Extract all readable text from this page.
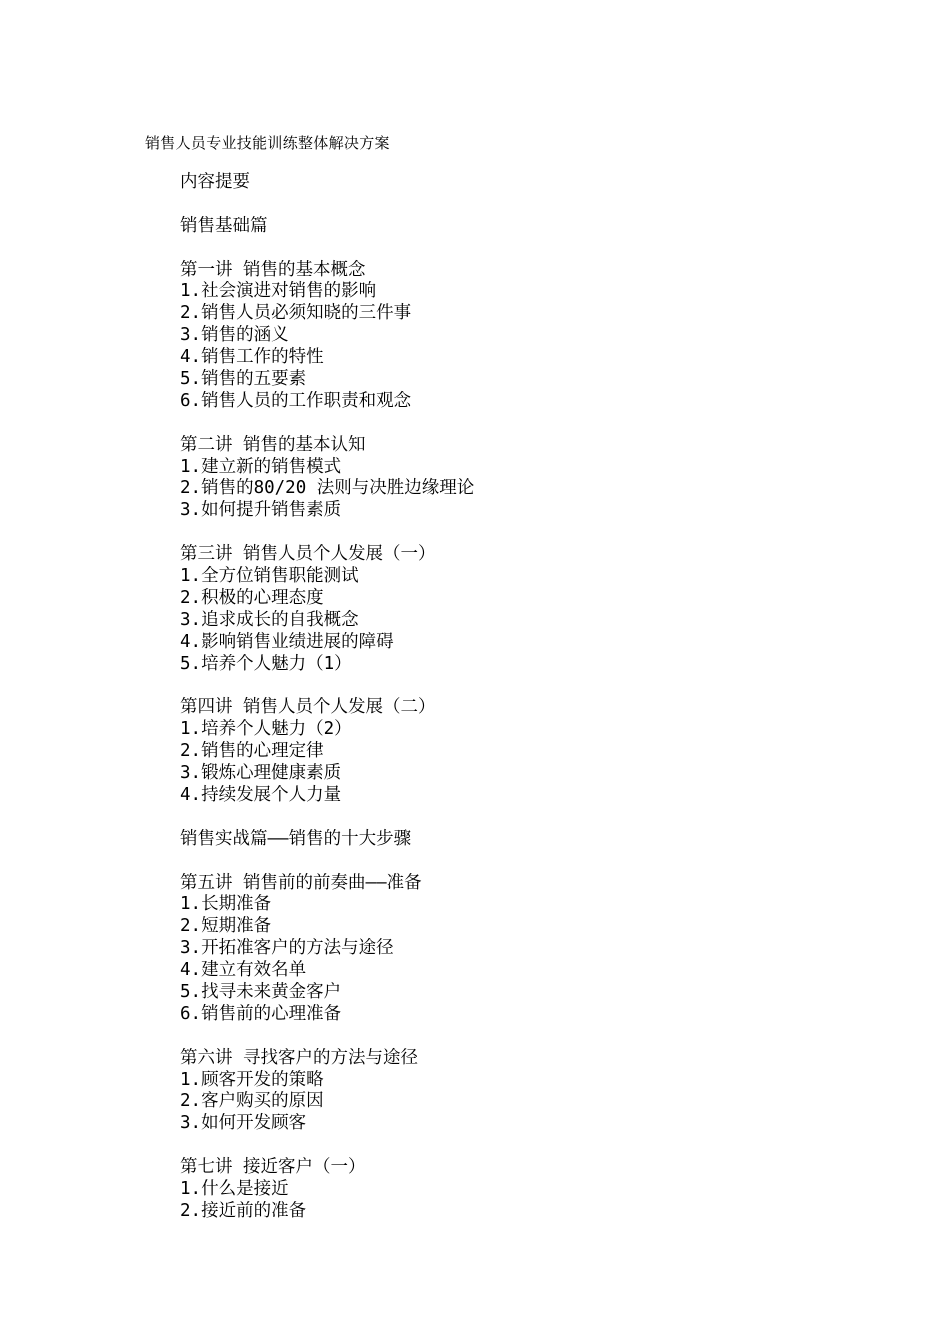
销售人员专业技能训练整体解决方案
内容提要
销售基础篇
第一讲 销售的基本概念
1.社会演进对销售的影响
2.销售人员必须知晓的三件事
3.销售的涵义
4.销售工作的特性
5.销售的五要素
6.销售人员的工作职责和观念
第二讲 销售的基本认知
1.建立新的销售模式
2.销售的80/20 法则与决胜边缘理论
3.如何提升销售素质
第三讲 销售人员个人发展（一）
1.全方位销售职能测试
2.积极的心理态度
3.追求成长的自我概念
4.影响销售业绩进展的障碍
5.培养个人魅力（1）
第四讲 销售人员个人发展（二）
1.培养个人魅力（2）
2.销售的心理定律
3.锻炼心理健康素质
4.持续发展个人力量
销售实战篇——销售的十大步骤
第五讲 销售前的前奏曲——准备
1.长期准备
2.短期准备
3.开拓准客户的方法与途径
4.建立有效名单
5.找寻未来黄金客户
6.销售前的心理准备
第六讲 寻找客户的方法与途径
1.顾客开发的策略
2.客户购买的原因
3.如何开发顾客
第七讲 接近客户（一）
1.什么是接近
2.接近前的准备
